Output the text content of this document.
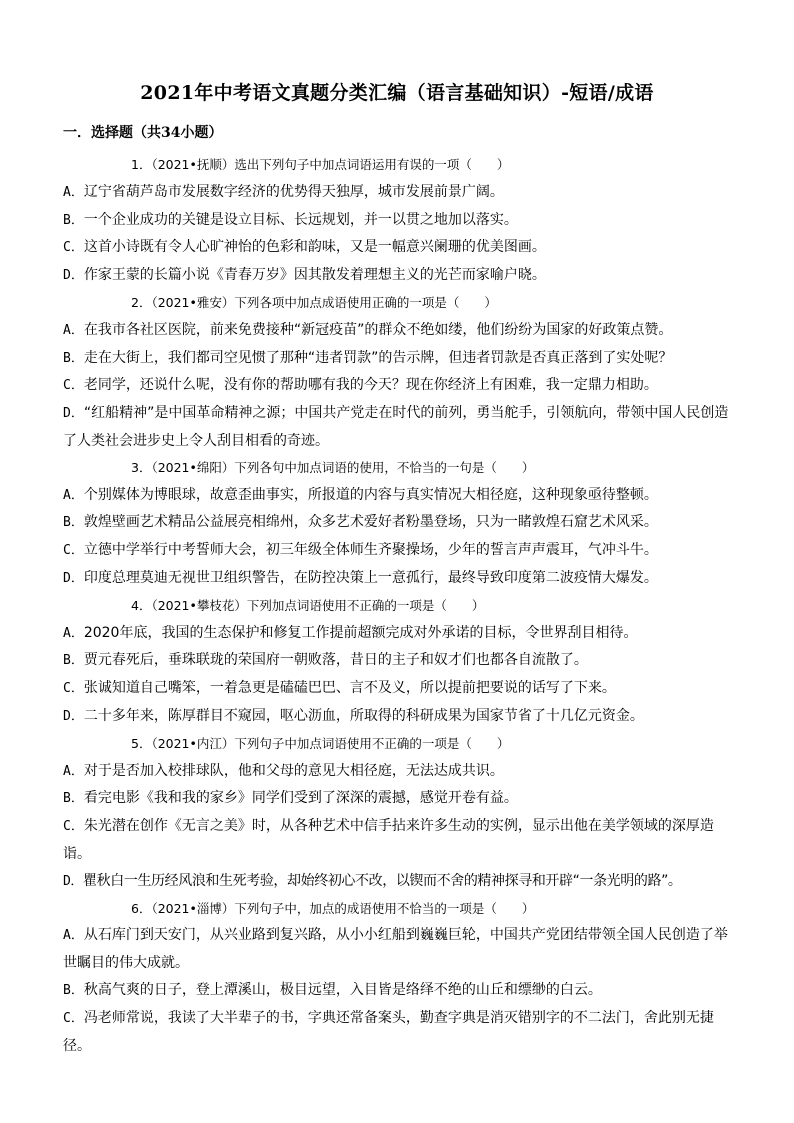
2021年中考语文真题分类汇编（语言基础知识）-短语/成语
一．选择题（共34小题）
1．（2021•抚顺）选出下列句子中加点词语运用有误的一项（　　）
A．辽宁省葫芦岛市发展数字经济的优势得天独厚，城市发展前景广阔。
B．一个企业成功的关键是设立目标、长远规划，并一以贯之地加以落实。
C．这首小诗既有令人心旷神怡的色彩和韵味，又是一幅意兴阑珊的优美图画。
D．作家王蒙的长篇小说《青春万岁》因其散发着理想主义的光芒而家喻户晓。
2．（2021•雅安）下列各项中加点成语使用正确的一项是（　　）
A．在我市各社区医院，前来免费接种“新冠疫苗”的群众不绝如缕，他们纷纷为国家的好政策点赞。
B．走在大街上，我们都司空见惯了那种“违者罚款”的告示牌，但违者罚款是否真正落到了实处呢？
C．老同学，还说什么呢，没有你的帮助哪有我的今天？现在你经济上有困难，我一定鼎力相助。
D．“红船精神”是中国革命精神之源；中国共产党走在时代的前列，勇当舵手，引领航向，带领中国人民创造了人类社会进步史上令人刮目相看的奇迹。
3．（2021•绵阳）下列各句中加点词语的使用，不恰当的一句是（　　）
A．个别媒体为博眼球，故意歪曲事实，所报道的内容与真实情况大相径庭，这种现象亟待整顿。
B．敦煌壁画艺术精品公益展亮相绵州，众多艺术爱好者粉墨登场，只为一睹敦煌石窟艺术风采。
C．立德中学举行中考誓师大会，初三年级全体师生齐聚操场，少年的誓言声声震耳，气冲斗牛。
D．印度总理莫迪无视世卫组织警告，在防控决策上一意孤行，最终导致印度第二波疫情大爆发。
4．（2021•攀枝花）下列加点词语使用不正确的一项是（　　）
A．2020年底，我国的生态保护和修复工作提前超额完成对外承诺的目标，令世界刮目相待。
B．贾元春死后，垂珠联珑的荣国府一朝败落，昔日的主子和奴才们也都各自流散了。
C．张诚知道自己嘴笨，一着急更是磕磕巴巴、言不及义，所以提前把要说的话写了下来。
D．二十多年来，陈厚群目不窥园，呕心沥血，所取得的科研成果为国家节省了十几亿元资金。
5．（2021•内江）下列句子中加点词语使用不正确的一项是（　　）
A．对于是否加入校排球队，他和父母的意见大相径庭，无法达成共识。
B．看完电影《我和我的家乡》同学们受到了深深的震撼，感觉开卷有益。
C．朱光潜在创作《无言之美》时，从各种艺术中信手拈来许多生动的实例，显示出他在美学领域的深厚造诣。
D．瞿秋白一生历经风浪和生死考验，却始终初心不改，以锲而不舍的精神探寻和开辟“一条光明的路”。
6．（2021•淄博）下列句子中，加点的成语使用不恰当的一项是（　　）
A．从石库门到天安门，从兴业路到复兴路，从小小红船到巍巍巨轮，中国共产党团结带领全国人民创造了举世瞩目的伟大成就。
B．秋高气爽的日子，登上潭溪山，极目远望，入目皆是络绎不绝的山丘和缥缈的白云。
C．冯老师常说，我读了大半辈子的书，字典还常备案头，勤查字典是消灭错别字的不二法门，舍此别无捷径。
